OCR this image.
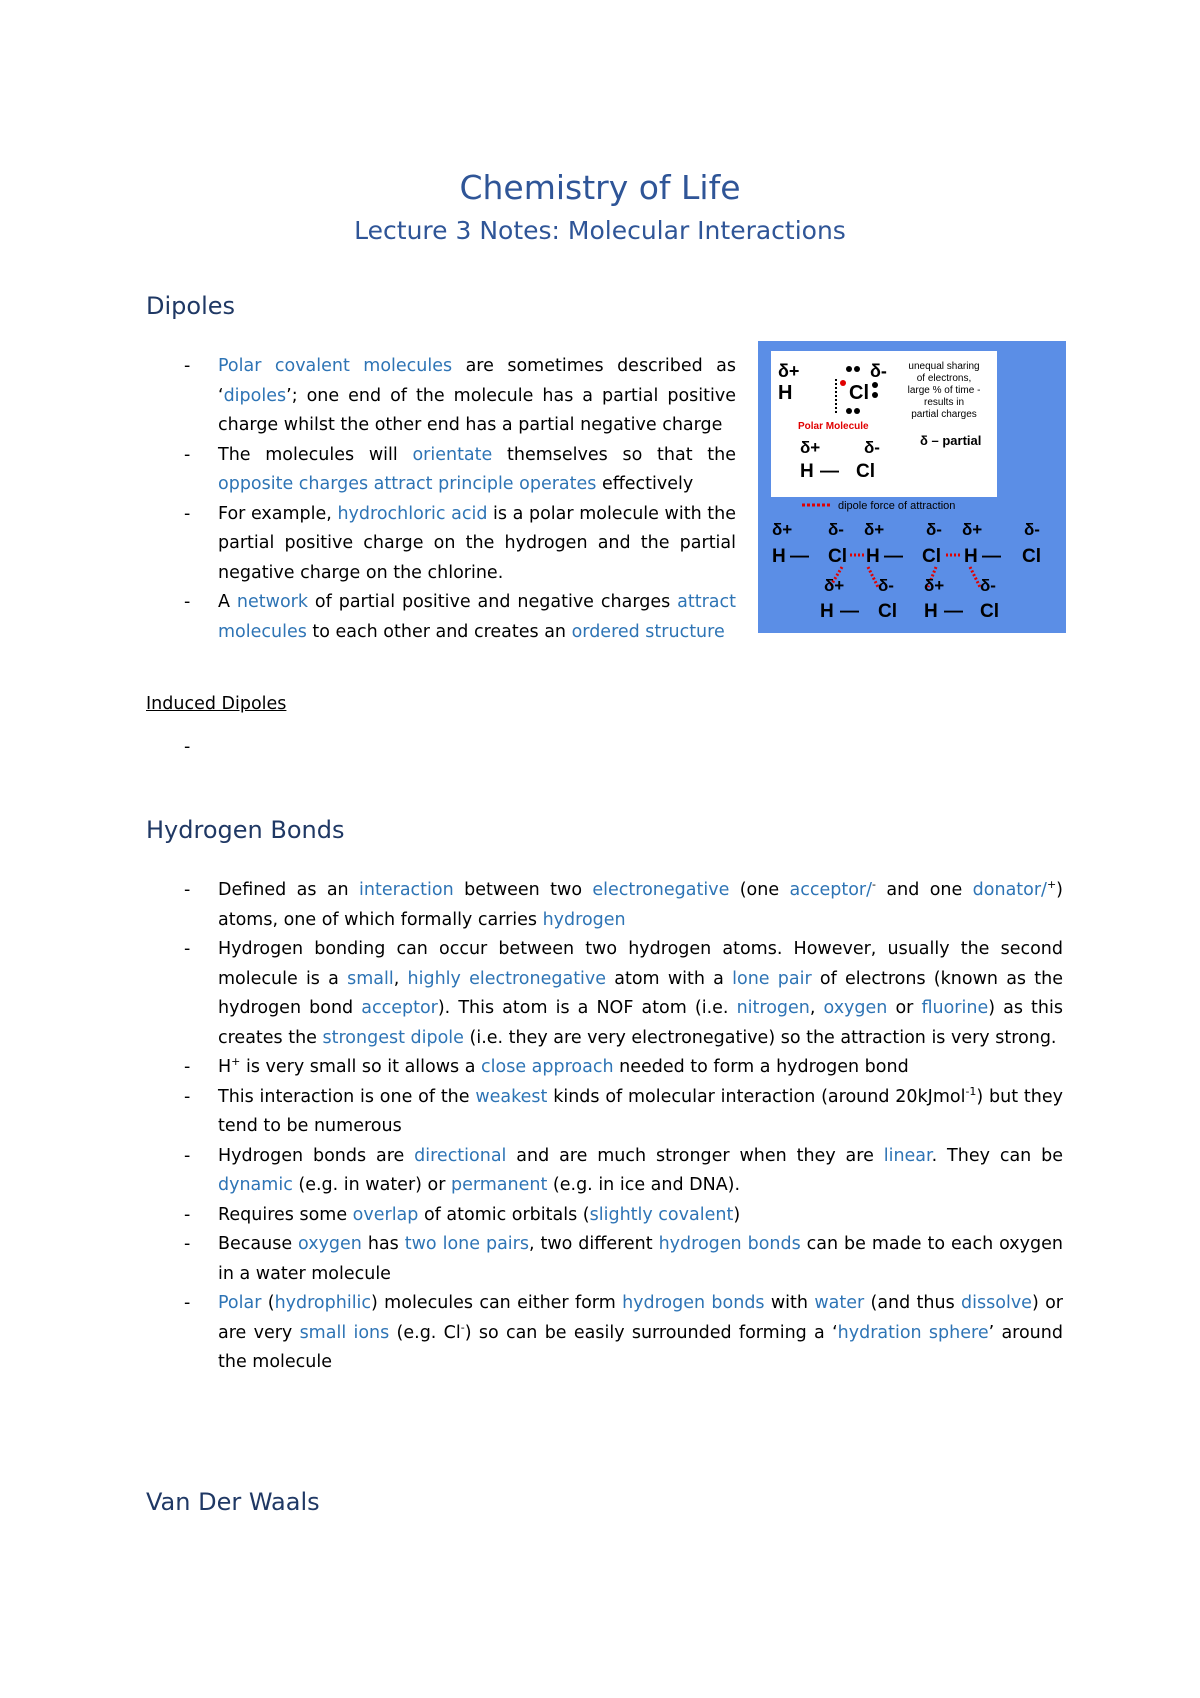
Chemistry of Life
Lecture 3 Notes: Molecular Interactions
Dipoles
- Polar covalent molecules are sometimes described as ‘dipoles’; one end of the molecule has a partial positive charge whilst the other end has a partial negative charge
- The molecules will orientate themselves so that the opposite charges attract principle operates effectively
- For example, hydrochloric acid is a polar molecule with the partial positive charge on the hydrogen and the partial negative charge on the chlorine.
- A network of partial positive and negative charges attract molecules to each other and creates an ordered structure
δ+
H	Cl
δ- unequal sharing
of electrons,
large % of time -
results in
partial charges
Polar Molecule
δ – partial
δ+	δ-
H — Cl
dipole force of attraction
δ+ δ- δ+ δ- δ+ δ-
H — Cl H — Cl H — Cl
δ+ δ- δ+ δ-
H — Cl H — Cl
Induced Dipoles
-
Hydrogen Bonds
- Defined as an interaction between two electronegative (one acceptor/- and one donator/+) atoms, one of which formally carries hydrogen
- Hydrogen bonding can occur between two hydrogen atoms. However, usually the second molecule is a small, highly electronegative atom with a lone pair of electrons (known as the hydrogen bond acceptor). This atom is a NOF atom (i.e. nitrogen, oxygen or fluorine) as this creates the strongest dipole (i.e. they are very electronegative) so the attraction is very strong.
- H+ is very small so it allows a close approach needed to form a hydrogen bond
- This interaction is one of the weakest kinds of molecular interaction (around 20kJmol$^{-1}$) but they tend to be numerous
- Hydrogen bonds are directional and are much stronger when they are linear. They can be dynamic (e.g. in water) or permanent (e.g. in ice and DNA).
- Requires some overlap of atomic orbitals (slightly covalent)
- Because oxygen has two lone pairs, two different hydrogen bonds can be made to each oxygen in a water molecule
- Polar (hydrophilic) molecules can either form hydrogen bonds with water (and thus dissolve) or are very small ions (e.g. Cl-) so can be easily surrounded forming a ‘hydration sphere’ around the molecule
Van Der Waals
